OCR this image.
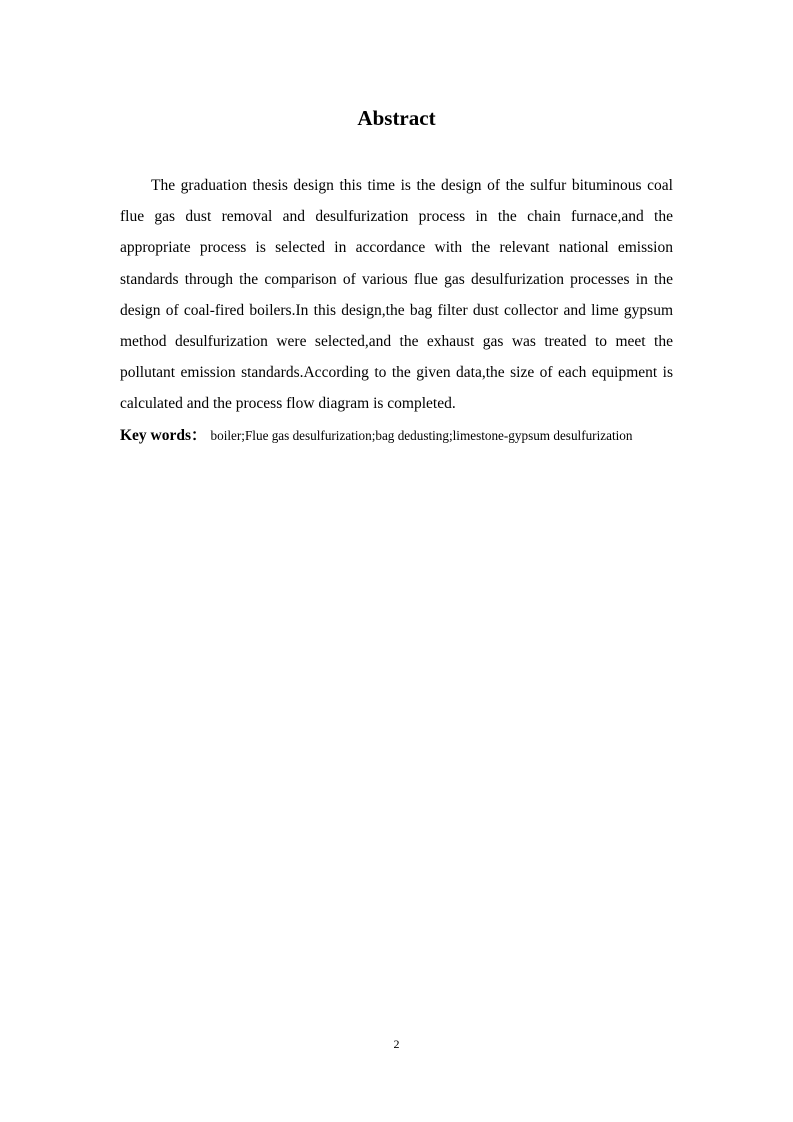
Abstract

The graduation thesis design this time is the design of the sulfur bituminous coal flue gas dust removal and desulfurization process in the chain furnace,and the appropriate process is selected in accordance with the relevant national emission standards through the comparison of various flue gas desulfurization processes in the design of coal-fired boilers.In this design,the bag filter dust collector and lime gypsum method desulfurization were selected,and the exhaust gas was treated to meet the pollutant emission standards.According to the given data,the size of each equipment is calculated and the process flow diagram is completed.

Key words： boiler;Flue gas desulfurization;bag dedusting;limestone-gypsum desulfurization

2
